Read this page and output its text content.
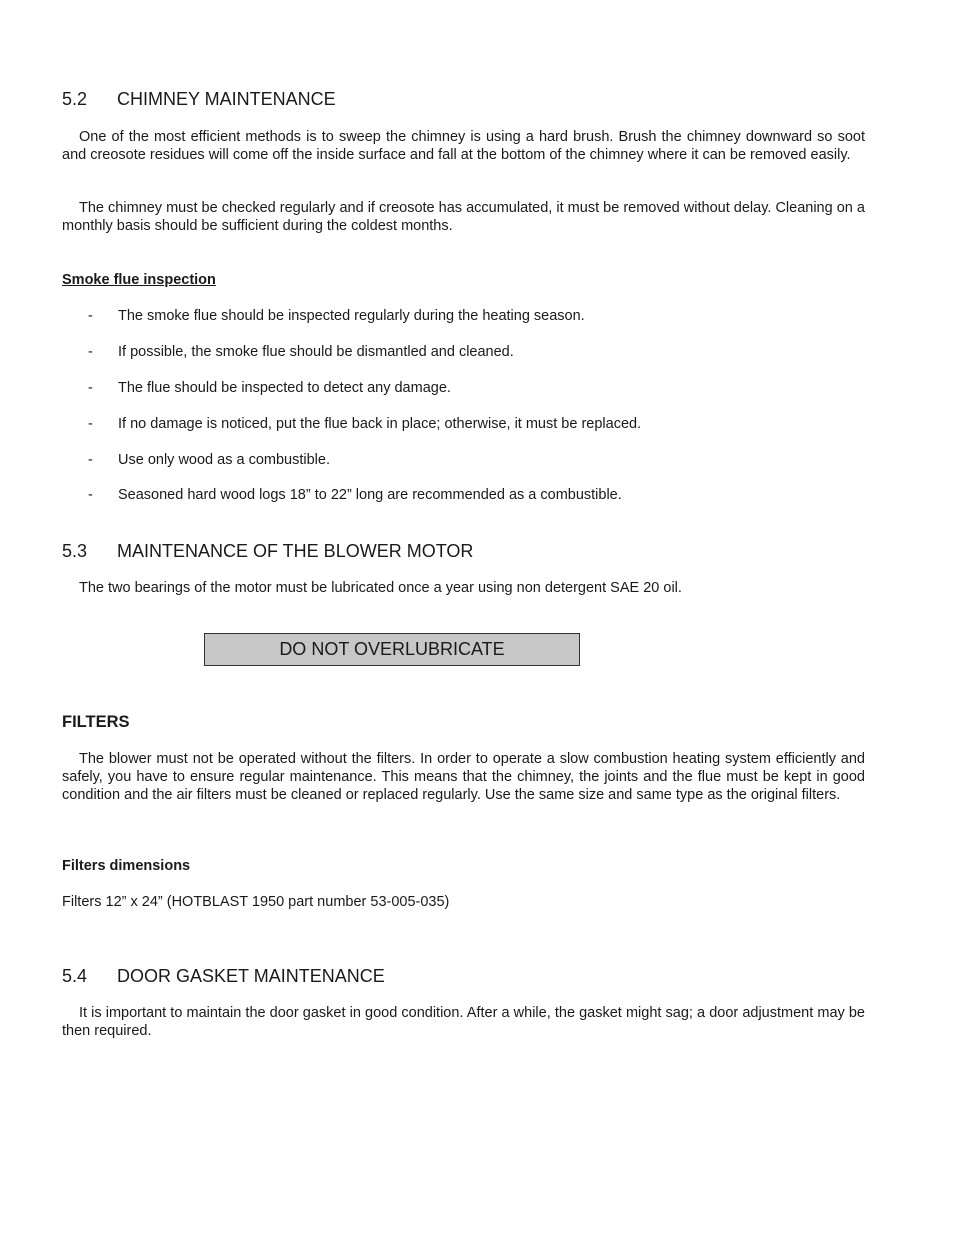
5.2 CHIMNEY MAINTENANCE

One of the most efficient methods is to sweep the chimney is using a hard brush. Brush the chimney downward so soot and creosote residues will come off the inside surface and fall at the bottom of the chimney where it can be removed easily.

The chimney must be checked regularly and if creosote has accumulated, it must be removed without delay. Cleaning on a monthly basis should be sufficient during the coldest months.

Smoke flue inspection
- The smoke flue should be inspected regularly during the heating season.
- If possible, the smoke flue should be dismantled and cleaned.
- The flue should be inspected to detect any damage.
- If no damage is noticed, put the flue back in place; otherwise, it must be replaced.
- Use only wood as a combustible.
- Seasoned hard wood logs 18” to 22” long are recommended as a combustible.
5.3 MAINTENANCE OF THE BLOWER MOTOR

The two bearings of the motor must be lubricated once a year using non detergent SAE 20 oil.

DO NOT OVERLUBRICATE
FILTERS

The blower must not be operated without the filters. In order to operate a slow combustion heating system efficiently and safely, you have to ensure regular maintenance. This means that the chimney, the joints and the flue must be kept in good condition and the air filters must be cleaned or replaced regularly. Use the same size and same type as the original filters.

Filters dimensions
Filters 12” x 24” (HOTBLAST 1950 part number 53-005-035)
5.4 DOOR GASKET MAINTENANCE

It is important to maintain the door gasket in good condition. After a while, the gasket might sag; a door adjustment may be then required.
